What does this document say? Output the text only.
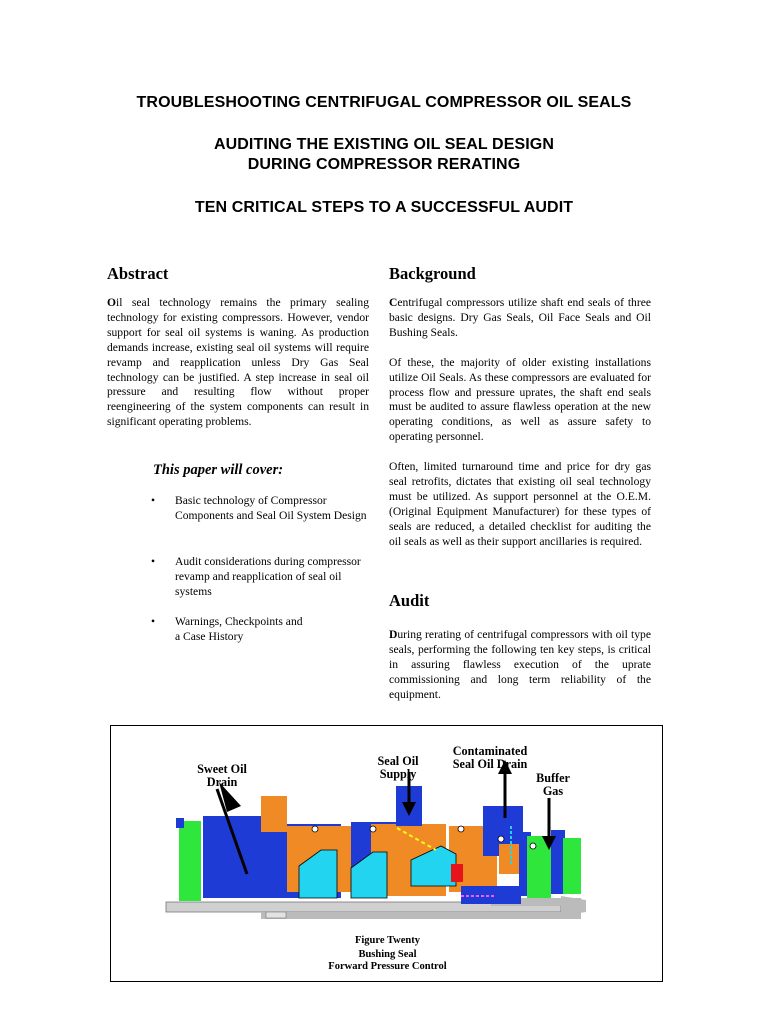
TROUBLESHOOTING CENTRIFUGAL COMPRESSOR OIL SEALS
AUDITING THE EXISTING OIL SEAL DESIGN
DURING COMPRESSOR RERATING
TEN CRITICAL STEPS TO A SUCCESSFUL AUDIT
Abstract

Oil seal technology remains the primary sealing technology for existing compressors. However, vendor support for seal oil systems is waning. As production demands increase, existing seal oil systems will require revamp and reapplication unless Dry Gas Seal technology can be justified. A step increase in seal oil pressure and resulting flow without proper reengineering of the system components can result in significant operating problems.

This paper will cover:
• Basic technology of Compressor Components and Seal Oil System Design
• Audit considerations during compressor revamp and reapplication of seal oil systems
• Warnings, Checkpoints and a Case History
Background

Centrifugal compressors utilize shaft end seals of three basic designs. Dry Gas Seals, Oil Face Seals and Oil Bushing Seals.

Of these, the majority of older existing installations utilize Oil Seals. As these compressors are evaluated for process flow and pressure uprates, the shaft end seals must be audited to assure flawless operation at the new operating conditions, as well as assure safety to operating personnel.

Often, limited turnaround time and price for dry gas seal retrofits, dictates that existing oil seal technology must be utilized. As support personnel at the O.E.M. (Original Equipment Manufacturer) for these types of seals are reduced, a detailed checklist for auditing the oil seals as well as their support ancillaries is required.

Audit

During rerating of centrifugal compressors with oil type seals, performing the following ten key steps, is critical in assuring flawless execution of the uprate commissioning and long term reliability of the equipment.

Sweet Oil
Drain
Seal Oil
Supply
Contaminated
Seal Oil Drain
Buffer
Gas
Figure Twenty
Bushing Seal
Forward Pressure Control
